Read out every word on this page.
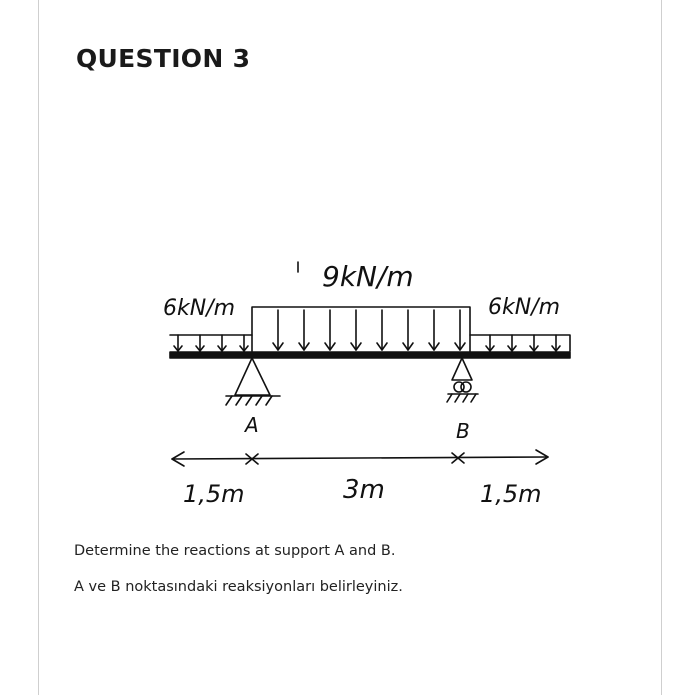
QUESTION 3
6kN/m
9kN/m
6kN/m
A	B
1,5m	3m	1,5m
Determine the reactions at support A and B.
A ve B noktasındaki reaksiyonları belirleyiniz.
